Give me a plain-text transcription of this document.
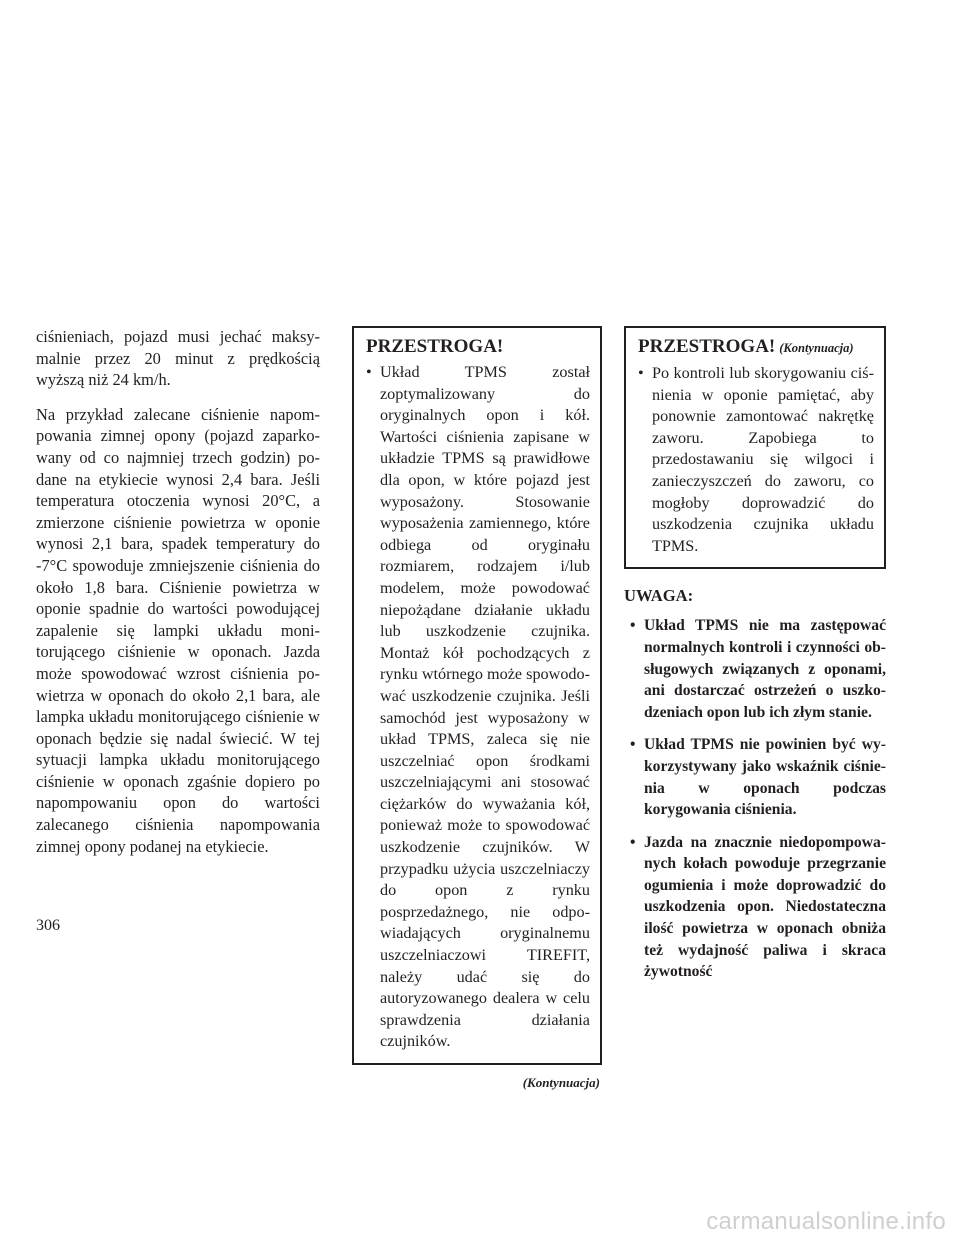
ciśnieniach, pojazd musi jechać maksymalnie przez 20 minut z prędkością wyższą niż 24 km/h.

Na przykład zalecane ciśnienie napompowania zimnej opony (pojazd zaparkowany od co najmniej trzech godzin) podane na etykiecie wynosi 2,4 bara. Jeśli temperatura otoczenia wynosi 20°C, a zmierzone ciśnienie powietrza w oponie wynosi 2,1 bara, spadek temperatury do -7°C spowoduje zmniejszenie ciśnienia do około 1,8 bara. Ciśnienie powietrza w oponie spadnie do wartości powodującej zapalenie się lampki układu monitorującego ciśnienie w oponach. Jazda może spowodować wzrost ciśnienia powietrza w oponach do około 2,1 bara, ale lampka układu monitorującego ciśnienie w oponach będzie się nadal świecić. W tej sytuacji lampka układu monitorującego ciśnienie w oponach zgaśnie dopiero po napompowaniu opon do wartości zalecanego ciśnienia napompowania zimnej opony podanej na etykiecie.

PRZESTROGA!

• Układ TPMS został zoptymalizowany do oryginalnych opon i kół. Wartości ciśnienia zapisane w układzie TPMS są prawidłowe dla opon, w które pojazd jest wyposażony. Stosowanie wyposażenia zamiennego, które odbiega od oryginału rozmiarem, rodzajem i/lub modelem, może powodować niepożądane działanie układu lub uszkodzenie czujnika. Montaż kół pochodzących z rynku wtórnego może spowodować uszkodzenie czujnika. Jeśli samochód jest wyposażony w układ TPMS, zaleca się nie uszczelniać opon środkami uszczelniającymi ani stosować ciężarków do wyważania kół, ponieważ może to spowodować uszkodzenie czujników. W przypadku użycia uszczelniaczy do opon z rynku posprzedażnego, nie odpowiadających oryginalnemu uszczelniaczowi TIREFIT, należy udać się do autoryzowanego dealera w celu sprawdzenia działania czujników.

(Kontynuacja)
PRZESTROGA! (Kontynuacja)

• Po kontroli lub skorygowaniu ciśnienia w oponie pamiętać, aby ponownie zamontować nakrętkę zaworu. Zapobiega to przedostawaniu się wilgoci i zanieczyszczeń do zaworu, co mogłoby doprowadzić do uszkodzenia czujnika układu TPMS.

UWAGA:
• Układ TPMS nie ma zastępować normalnych kontroli i czynności obsługowych związanych z oponami, ani dostarczać ostrzeżeń o uszkodzeniach opon lub ich złym stanie.
• Układ TPMS nie powinien być wykorzystywany jako wskaźnik ciśnienia w oponach podczas korygowania ciśnienia.
• Jazda na znacznie niedopompowanych kołach powoduje przegrzanie ogumienia i może doprowadzić do uszkodzenia opon. Niedostateczna ilość powietrza w oponach obniża też wydajność paliwa i skraca żywotność
306
carmanualsonline.info
